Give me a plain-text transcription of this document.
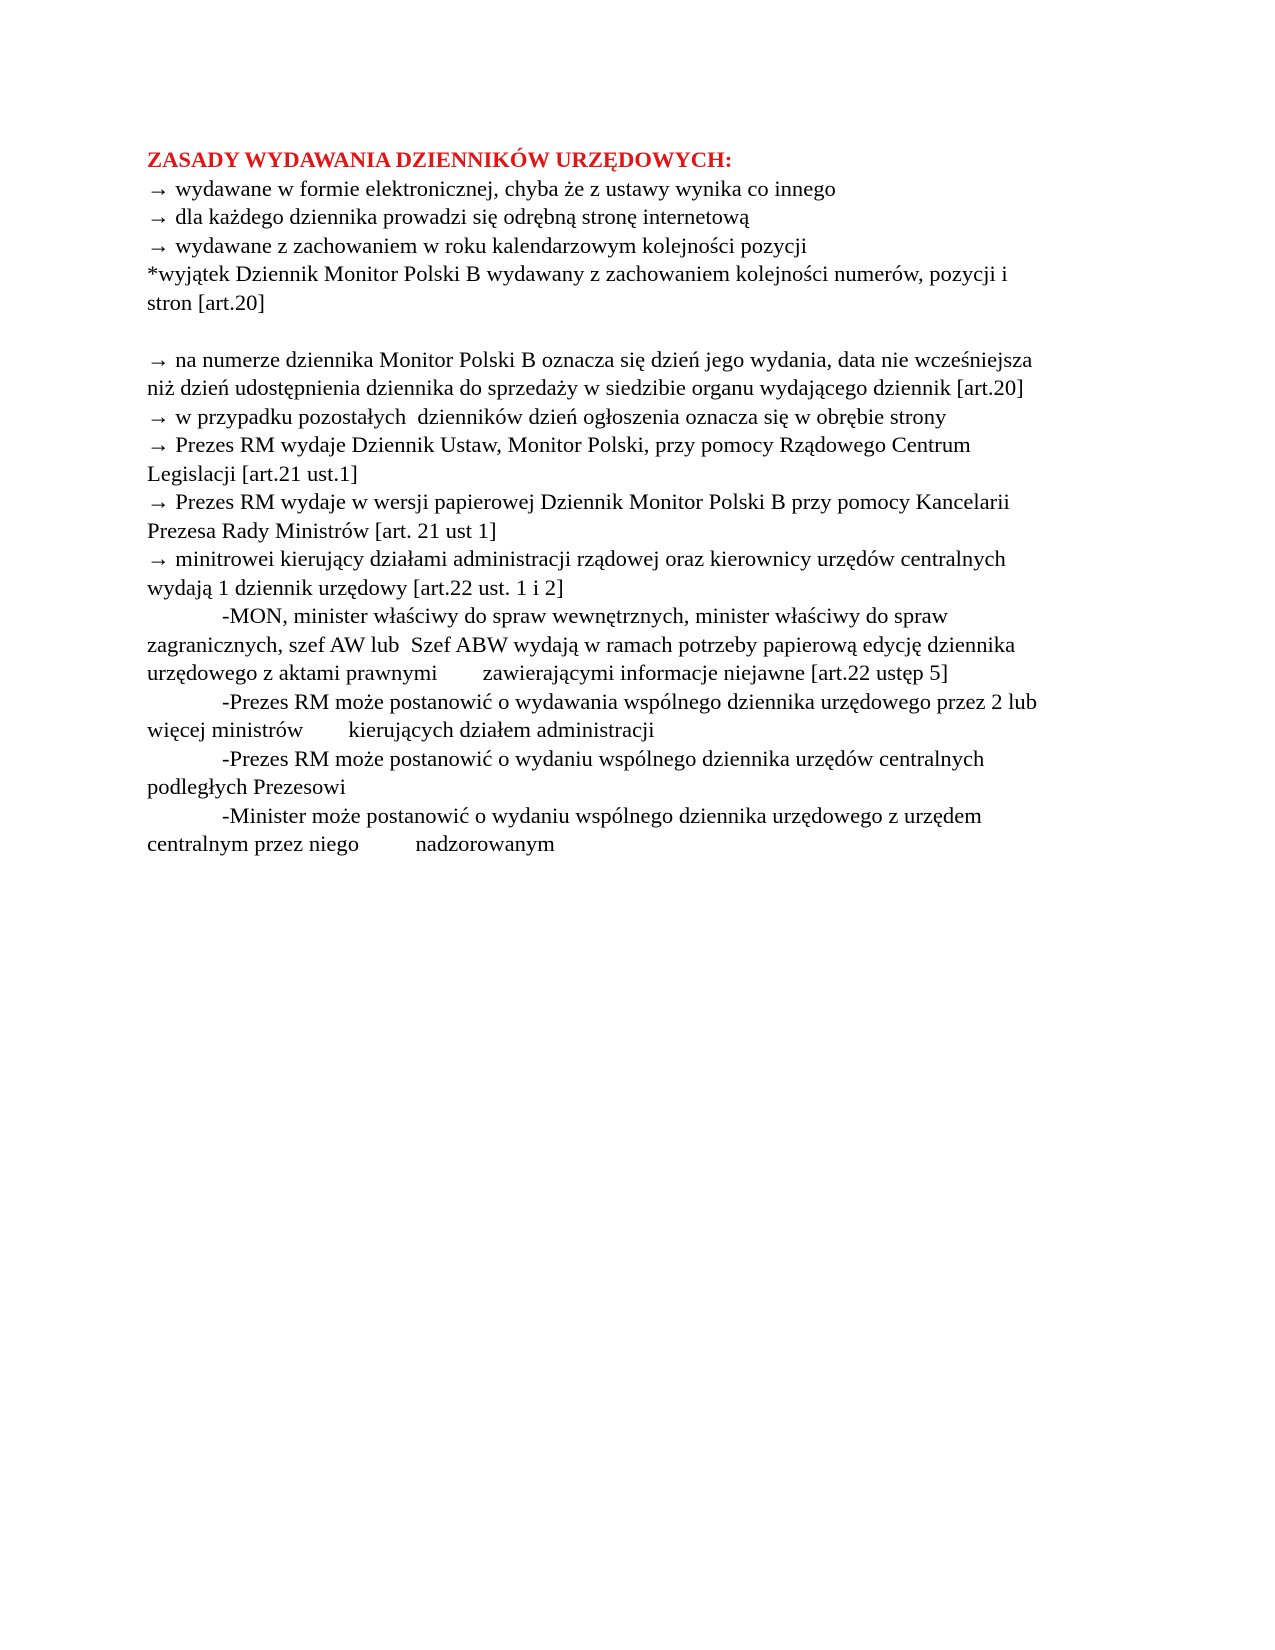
ZASADY WYDAWANIA DZIENNIKÓW URZĘDOWYCH:

→ wydawane w formie elektronicznej, chyba że z ustawy wynika co innego

→ dla każdego dziennika prowadzi się odrębną stronę internetową

→ wydawane z zachowaniem w roku kalendarzowym kolejności pozycji

*wyjątek Dziennik Monitor Polski B wydawany z zachowaniem kolejności numerów, pozycji i

stron [art.20]

→ na numerze dziennika Monitor Polski B oznacza się dzień jego wydania, data nie wcześniejsza

niż dzień udostępnienia dziennika do sprzedaży w siedzibie organu wydającego dziennik [art.20]

→ w przypadku pozostałych  dzienników dzień ogłoszenia oznacza się w obrębie strony

→ Prezes RM wydaje Dziennik Ustaw, Monitor Polski, przy pomocy Rządowego Centrum

Legislacji [art.21 ust.1]

→ Prezes RM wydaje w wersji papierowej Dziennik Monitor Polski B przy pomocy Kancelarii

Prezesa Rady Ministrów [art. 21 ust 1]

→ minitrowei kierujący działami administracji rządowej oraz kierownicy urzędów centralnych

wydają 1 dziennik urzędowy [art.22 ust. 1 i 2]

-MON, minister właściwy do spraw wewnętrznych, minister właściwy do spraw

zagranicznych, szef AW lub  Szef ABW wydają w ramach potrzeby papierową edycję dziennika

urzędowego z aktami prawnymi        zawierającymi informacje niejawne [art.22 ustęp 5]

-Prezes RM może postanowić o wydawania wspólnego dziennika urzędowego przez 2 lub

więcej ministrów        kierujących działem administracji

-Prezes RM może postanowić o wydaniu wspólnego dziennika urzędów centralnych

podległych Prezesowi

-Minister może postanowić o wydaniu wspólnego dziennika urzędowego z urzędem

centralnym przez niego          nadzorowanym
